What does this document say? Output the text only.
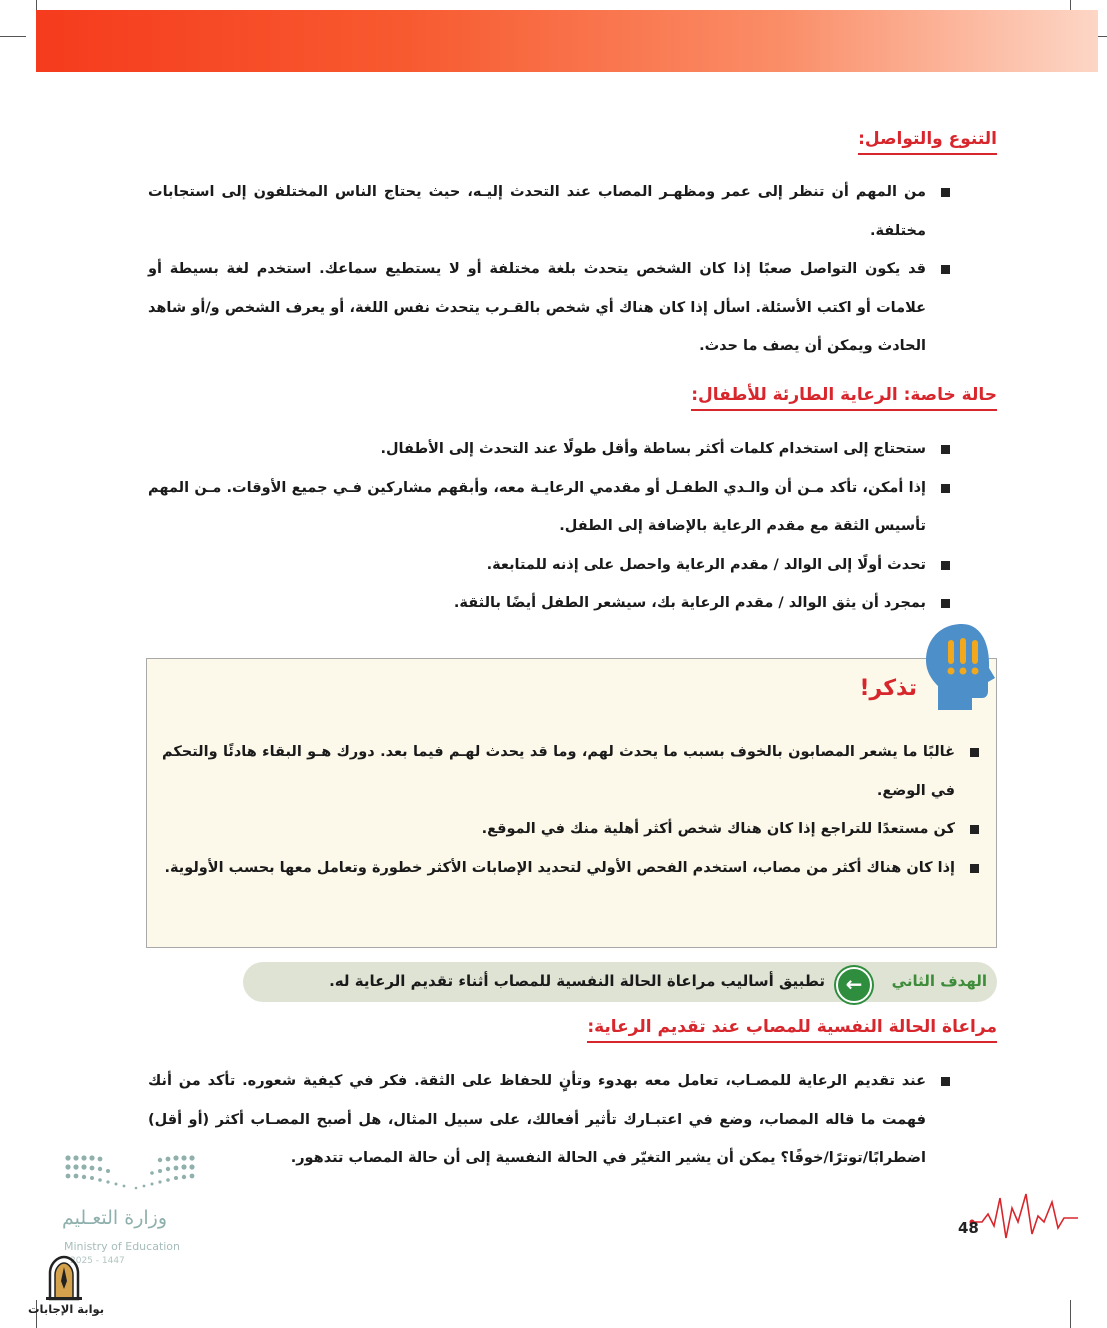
التنوع والتواصل:
من المهم أن تنظر إلى عمر ومظهـر المصاب عند التحدث إليـه، حيث يحتاج الناس المختلفون إلى استجابات مختلفة.
قد يكون التواصل صعبًا إذا كان الشخص يتحدث بلغة مختلفة أو لا يستطيع سماعك. استخدم لغة بسيطة أو علامات أو اكتب الأسئلة. اسأل إذا كان هناك أي شخص بالقـرب يتحدث نفس اللغة، أو يعرف الشخص و/أو شاهد الحادث ويمكن أن يصف ما حدث.
حالة خاصة: الرعاية الطارئة للأطفال:
ستحتاج إلى استخدام كلمات أكثر بساطة وأقل طولًا عند التحدث إلى الأطفال.
إذا أمكن، تأكد مـن أن والـدي الطفـل أو مقدمي الرعايـة معه، وأبقهم مشاركين فـي جميع الأوقات. مـن المهم تأسيس الثقة مع مقدم الرعاية بالإضافة إلى الطفل.
تحدث أولًا إلى الوالد / مقدم الرعاية واحصل على إذنه للمتابعة.
بمجرد أن يثق الوالد / مقدم الرعاية بك، سيشعر الطفل أيضًا بالثقة.
تذكر!
غالبًا ما يشعر المصابون بالخوف بسبب ما يحدث لهم، وما قد يحدث لهـم فيما بعد. دورك هـو البقاء هادئًا والتحكم في الوضع.
كن مستعدًا للتراجع إذا كان هناك شخص أكثر أهلية منك في الموقع.
إذا كان هناك أكثر من مصاب، استخدم الفحص الأولي لتحديد الإصابات الأكثر خطورة وتعامل معها بحسب الأولوية.
الهدف الثاني
←
تطبيق أساليب مراعاة الحالة النفسية للمصاب أثناء تقديم الرعاية له.
مراعاة الحالة النفسية للمصاب عند تقديم الرعاية:
عند تقديم الرعاية للمصـاب، تعامل معه بهدوء وتأنٍ للحفاظ على الثقة. فكر في كيفية شعوره. تأكد من أنك فهمت ما قاله المصاب، وضع في اعتبـارك تأثير أفعالك، على سبيل المثال، هل أصبح المصـاب أكثر (أو أقل) اضطرابًا/توترًا/خوفًا؟ يمكن أن يشير التغيّر في الحالة النفسية إلى أن حالة المصاب تتدهور.
48
وزارة التعـليم
Ministry of Education
2025 - 1447
بوابة الإجابات
